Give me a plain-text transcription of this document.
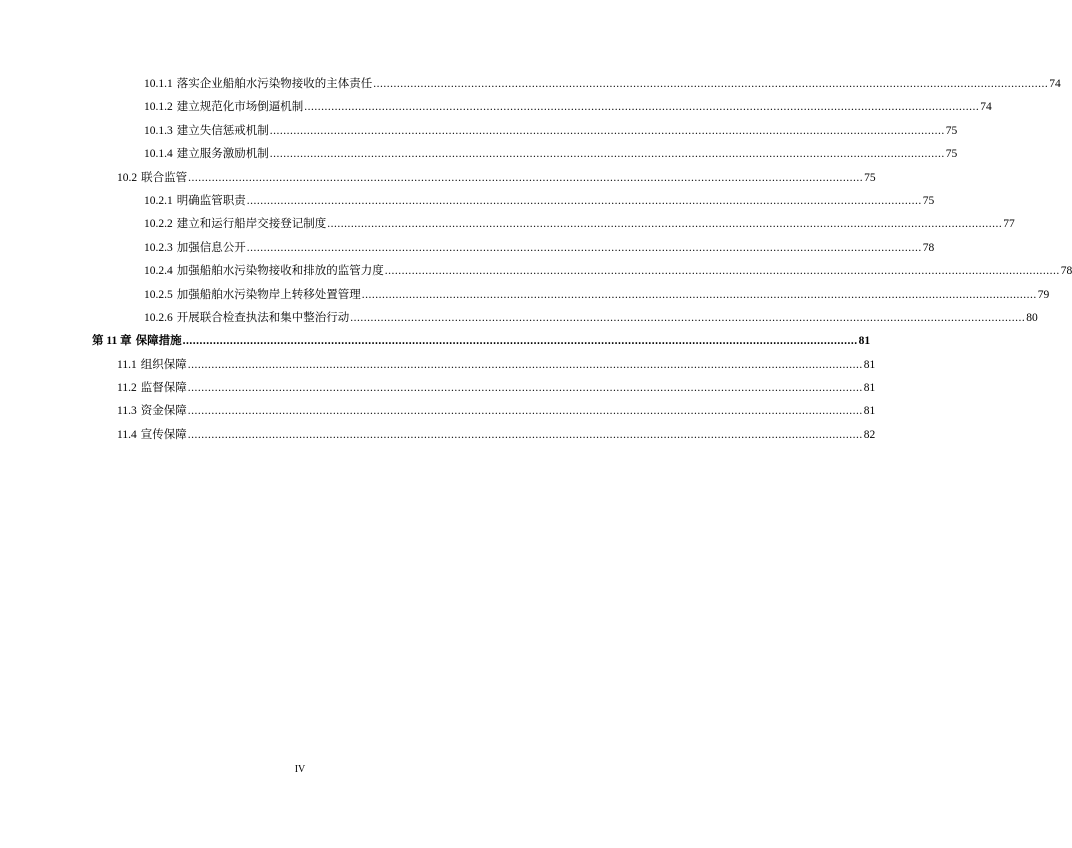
10.1.1 落实企业船舶水污染物接收的主体责任 ........................................................................................................................................................................................................ 74
10.1.2 建立规范化市场倒逼机制 ........................................................................................................................................................................................................ 74
10.1.3 建立失信惩戒机制 ........................................................................................................................................................................................................ 75
10.1.4 建立服务激励机制 ........................................................................................................................................................................................................ 75
10.2 联合监管 ........................................................................................................................................................................................................ 75
10.2.1 明确监管职责 ........................................................................................................................................................................................................ 75
10.2.2 建立和运行船岸交接登记制度 ........................................................................................................................................................................................................ 77
10.2.3 加强信息公开 ........................................................................................................................................................................................................ 78
10.2.4 加强船舶水污染物接收和排放的监管力度 ........................................................................................................................................................................................................ 78
10.2.5 加强船舶水污染物岸上转移处置管理 ........................................................................................................................................................................................................ 79
10.2.6 开展联合检查执法和集中整治行动 ........................................................................................................................................................................................................ 80
第 11 章 保障措施 ........................................................................................................................................................................................................ 81
11.1 组织保障 ........................................................................................................................................................................................................ 81
11.2 监督保障 ........................................................................................................................................................................................................ 81
11.3 资金保障 ........................................................................................................................................................................................................ 81
11.4 宣传保障 ........................................................................................................................................................................................................ 82
IV
